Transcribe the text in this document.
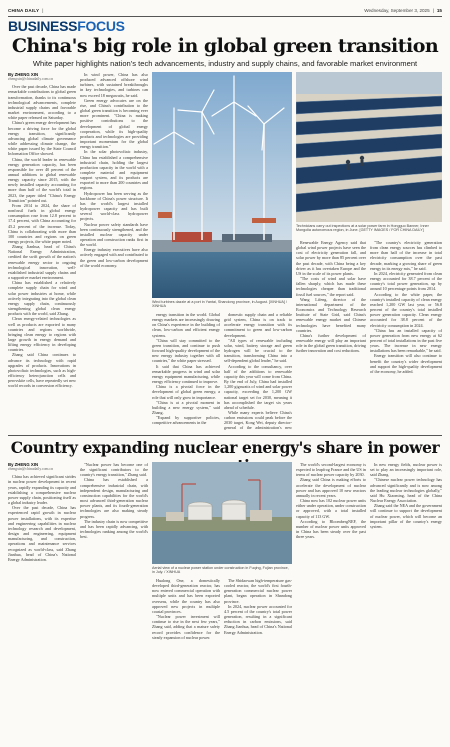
CHINA DAILY |	Wednesday, September 3, 2025 | 15
BUSINESSFOCUS
China's big role in global green transition
White paper highlights nation's tech advancements, industry and supply chains, and favorable market environment

By ZHENG XIN

zhengxin@chinadaily.com.cn

Over the past decade, China has made remarkable contributions to global green transformation, thanks to its continuous technological advancements, complete industrial supply chains and favorable market environment, according to a white paper released on Saturday.

China's green energy development has become a driving force for the global energy transition, significantly advancing global climate governance while addressing climate change, the white paper issued by the State Council Information Office showed.

China, the world leader in renewable energy generation capacity, has been responsible for over 40 percent of the annual additions to global renewable energy capacity since 2015, with the newly installed capacity accounting for more than half of the world's total in 2023, the paper titled "China's Energy Transition" pointed out.

From 2014 to 2024, the share of nonfossil fuels in global energy consumption rose from 12.8 percent to 17.4 percent, with China accounting for 45.2 percent of the increase. Today, China is collaborating with more than 100 countries and regions on green energy projects, the white paper noted.

Zhang Jianhua, head of China's National Energy Administration, credited the swift growth of the nation's renewable energy sector to ongoing technological innovation, well-established industrial supply chains and a supportive market environment.

China has established a relatively complete supply chain for wind and solar power industries at home, while actively integrating into the global clean energy supply chain, continuously strengthening global clean energy products with the world, said Zhang.

Clean energy-related technologies as well as products are exported to many countries and regions worldwide, bringing clean energy to regions with large growth in energy demand and lifting energy efficiency in developing countries.

Zhang said China continues to advance its technology with rapid upgrades of products. Innovations in photovoltaic technologies, such as high-efficiency heterojunction cells and perovskite cells, have repeatedly set new world records in conversion efficiency.

In wind power, China has also produced advanced offshore wind turbines, with sustained breakthroughs in key technologies, and turbines can now exceed 18 megawatts, he said.

Green energy advocates are on the rise, and China's contribution to the global green transition is becoming ever more prominent. "China is making positive contributions to the development of global energy cooperation, while its high-quality products and technologies are providing important momentum for the global energy transition."

In the solar photovoltaic industry, China has established a comprehensive industrial chain, holding the largest production capacity in the world with a complete material and equipment support system, and its products are exported to more than 200 countries and regions.

Hydropower has been serving as the backbone of China's power structure. It has the world's largest installed hydropower capacity and has built several world-class hydropower projects.

Nuclear power safety standards have been continuously strengthened, and the installed nuclear capacity under operation and construction ranks first in the world.

Energy industry executives have also actively engaged with and contributed to the green and low-carbon development of the world economy.

Wind turbines dazzle at a port in Yantai, Shandong province, in August. [XINHUA] / XINHUA

energy transition in the world. Global energy markets are increasingly drawing on China's experience in the building of clean, low-carbon and efficient energy systems.

"China will stay committed to the green transition, and continue to push forward high-quality development of the new energy industry together with all countries," the white paper stressed.

It said that China has achieved remarkable progress in wind and solar energy equipment manufacturing, while energy efficiency continued to improve.

China is a pivotal force in the development of global green energy, a role that will only grow in importance.

"China is at a pivotal moment in building a new energy system," said Zhang.

"Expand by supportive policies, competitive advancements in the

domestic supply chain and a reliable grid system, China is on track to accelerate energy transition with its commitment to green and low-carbon development.

"All types of renewable including solar, wind, battery storage and green hydrogen will be crucial to the transition, transforming China into a self-dependent global leader," he said.

According to the consultancy, over half of the additions to renewable capacity this year will come from China. By the end of July, China had installed 1,200 gigawatts of wind and solar power capacity, exceeding the 1,200 GW national target set for 2030, meaning it has accomplished the target six years ahead of schedule.

While many experts believe China's carbon emissions could peak before the 2030 target, Kong Wei, deputy director-general of the administration's new

Technicians carry out inspections at a solar power farm in Hongguo Banner, Inner Mongolia autonomous region, in June. [GETTY IMAGES / FOR CHINA DAILY]

Renewable Energy Agency said that global wind power projects have seen the cost of electricity generation fall, and solar power by more than 85 percent over the past decade, with China being a key driver as it has overtaken Europe and the US in the scale of its power plants.

"The costs of wind and solar have fallen sharply, which has made these technologies cheaper than traditional fossil fuel sources," the report said.

Wang Lifeng, director of the international department of the Economics and Technology Research Institute of State Grid, said China's renewable energy market and Chinese technologies have benefited many countries.

China's further development of renewable energy will play an important role in the global green transition, driving further innovation and cost reductions.

"The country's electricity generation from clean energy sources has climbed to more than half of the increase in total electricity consumption over the past decade, marking a growing share of green energy in its energy mix," he said.

In 2024, electricity generated from clean energy accounted for 38.7 percent of the country's total power generation, up by around 10 percentage points from 2014.

According to the white paper, the country's installed capacity of clean energy reached 1,200 GW last year, or 56.8 percent of the country's total installed power generation capacity. Clean energy accounted for 38.8 percent of the electricity consumption in 2024.

"China has an installed capacity of power generation from new energy at 62 percent of total installations in the past five years. The increase in new energy installations has been remarkable," he said.

Energy transition will also continue to benefit the country's wider development and support the high-quality development of the economy, he added.

Country expanding nuclear energy's share in power

By ZHENG XIN

zhengxin@chinadaily.com.cn

China has achieved significant strides in nuclear power development in recent years, rapidly expanding its capacity and establishing a comprehensive nuclear power supply chain, positioning itself as a global industry leader.

Over the past decade, China has experienced rapid growth in nuclear power installations, with its expertise and engineering capabilities in nuclear technology research and development, design and engineering, equipment manufacturing, and construction, operations and maintenance services recognized as world-class, said Zhang Jianhua, head of China's National Energy Administration.

"Nuclear power has become one of the significant contributors to the country's energy transition," Zhang said.

China has established a comprehensive industrial chain, with independent design, manufacturing and construction capabilities for the world's most advanced third-generation nuclear power plants, and its fourth-generation technologies are also making steady progress.

The industry chain is now competitive and has been rapidly advancing, with technologies ranking among the world's best.

Aerial view of a nuclear power station under construction in Fuqing, Fujian province, in July. / XINHUA

Hualong One, a domestically developed third-generation reactor, has now entered commercial operation with multiple units and has been exported overseas, while the country has also approved new projects in multiple coastal provinces.

"Nuclear power investment will continue to rise in the next few years," Zhang said, adding that a mature safety record provides confidence for the steady expansion of nuclear power.

The Shidaowan high-temperature gas-cooled reactor, the world's first fourth-generation commercial nuclear power plant, began operation in Shandong province.

In 2024, nuclear power accounted for 4.5 percent of the country's total power generation, resulting in a significant reduction in carbon emissions, said Zhang Jianhua, head of China's National Energy Administration.

The world's second-largest economy is expected to leapfrog France and the US in terms of nuclear power capacity by 2030.

Zhang said China is making efforts to accelerate the development of nuclear power and has approved 10 new reactors annually in recent years.

China now has 102 nuclear power units either under operation, under construction or approved, with a total installed capacity of 113 GW.

According to BloombergNEF, the number of nuclear power units approved in China has been steady over the past three years.

In new energy fields, nuclear power is set to play an increasingly important role, said Zhang.

"Chinese nuclear power technology has advanced significantly and is now among the leading nuclear technologies globally," said Hu Xiaoming, head of the China Nuclear Energy Association.

Zhang said the NEA and the government will continue to support the development of nuclear power, which will become an important pillar of the country's energy system.
